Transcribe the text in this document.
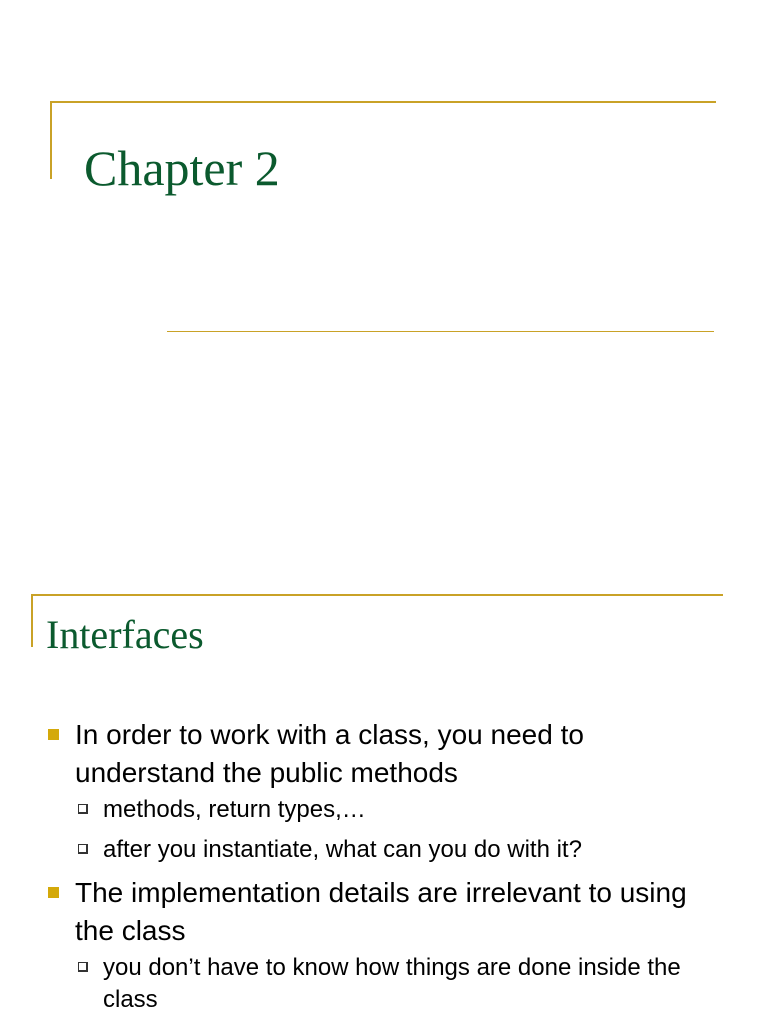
Chapter 2
Interfaces
In order to work with a class, you need to understand the public methods
methods, return types,…
after you instantiate, what can you do with it?
The implementation details are irrelevant to using the class
you don’t have to know how things are done inside the class
